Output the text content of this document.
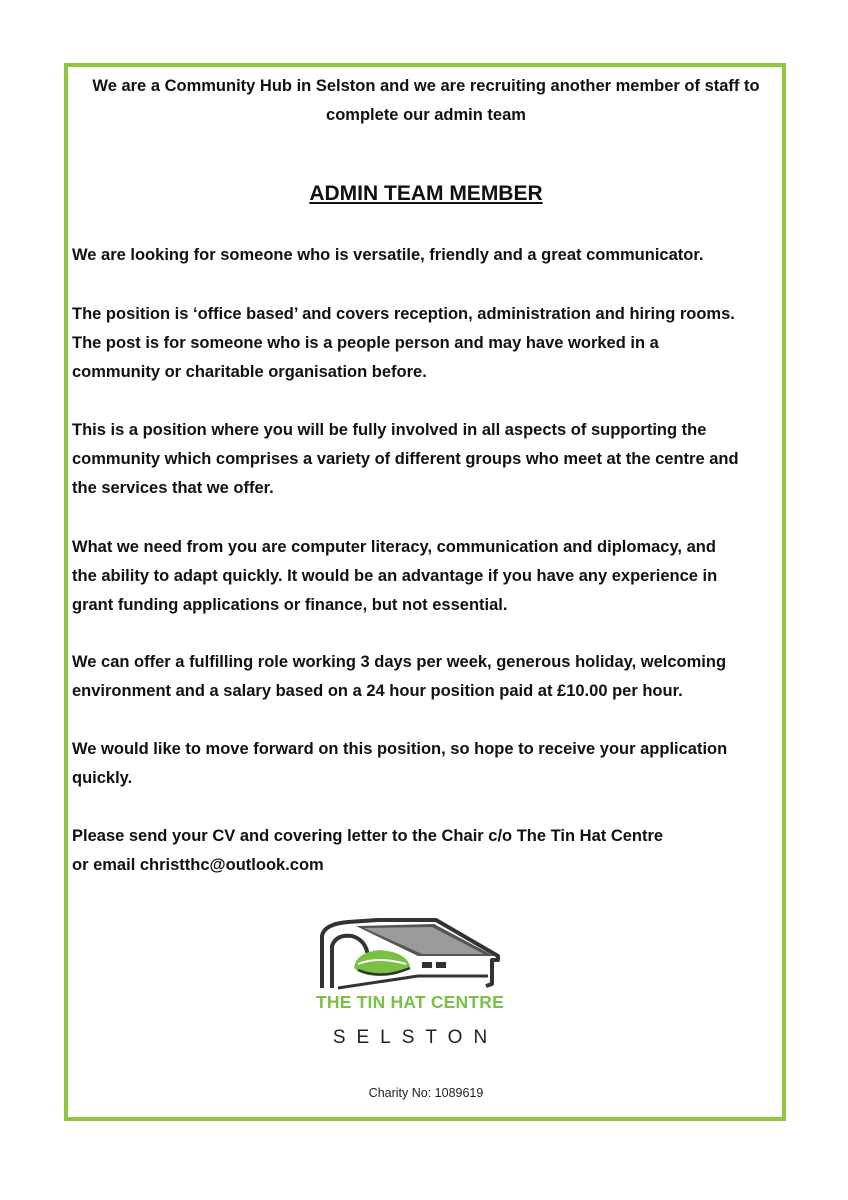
We are a Community Hub in Selston and we are recruiting another member of staff to complete our admin team

ADMIN TEAM MEMBER

We are looking for someone who is versatile, friendly and a great communicator.

The position is ‘office based’ and covers reception, administration and hiring rooms.
The post is for someone who is a people person and may have worked in a
community or charitable organisation before.

This is a position where you will be fully involved in all aspects of supporting the
community which comprises a variety of different groups who meet at the centre and
the services that we offer.

What we need from you are computer literacy, communication and diplomacy, and
the ability to adapt quickly. It would be an advantage if you have any experience in
grant funding applications or finance, but not essential.

We can offer a fulfilling role working 3 days per week, generous holiday, welcoming
environment and a salary based on a 24 hour position paid at £10.00 per hour.

We would like to move forward on this position, so hope to receive your application
quickly.

Please send your CV and covering letter to the Chair c/o The Tin Hat Centre
or email christthc@outlook.com

THE TIN HAT CENTRE

SELSTON

Charity No: 1089619
